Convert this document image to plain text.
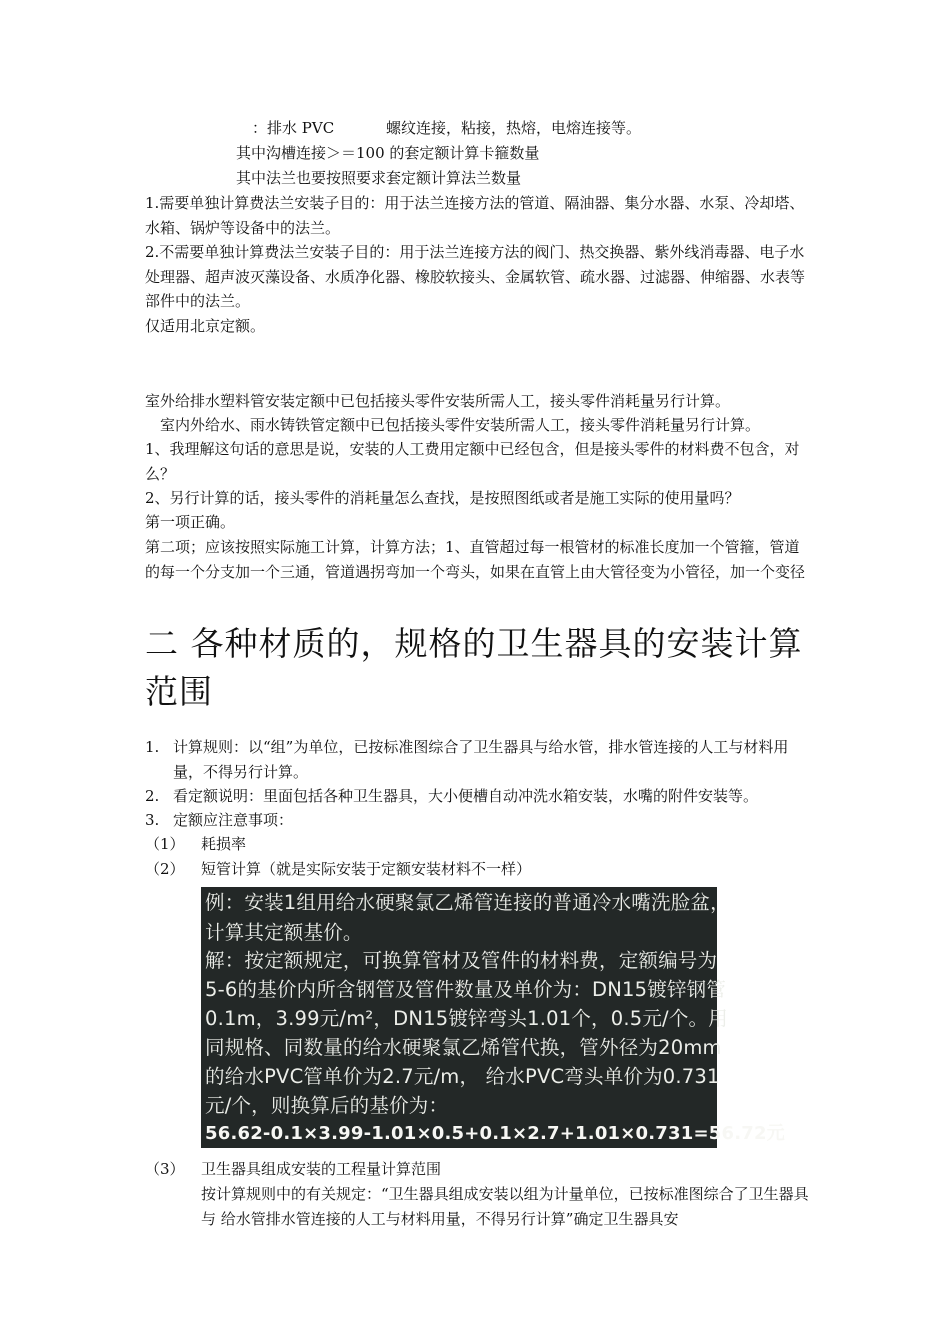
：排水 PVC	螺纹连接，粘接，热熔，电熔连接等。
其中沟槽连接＞＝100 的套定额计算卡箍数量
其中法兰也要按照要求套定额计算法兰数量
1.需要单独计算费法兰安装子目的：用于法兰连接方法的管道、隔油器、集分水器、水泵、冷却塔、水箱、锅炉等设备中的法兰。
2.不需要单独计算费法兰安装子目的：用于法兰连接方法的阀门、热交换器、紫外线消毒器、电子水处理器、超声波灭藻设备、水质净化器、橡胶软接头、金属软管、疏水器、过滤器、伸缩器、水表等部件中的法兰。
仅适用北京定额。
室外给排水塑料管安装定额中已包括接头零件安装所需人工，接头零件消耗量另行计算。
室内外给水、雨水铸铁管定额中已包括接头零件安装所需人工，接头零件消耗量另行计算。
1、我理解这句话的意思是说，安装的人工费用定额中已经包含，但是接头零件的材料费不包含，对么？
2、另行计算的话，接头零件的消耗量怎么查找，是按照图纸或者是施工实际的使用量吗？
第一项正确。
第二项；应该按照实际施工计算，计算方法；1、直管超过每一根管材的标准长度加一个管箍，管道的每一个分支加一个三通，管道遇拐弯加一个弯头，如果在直管上由大管径变为小管径，加一个变径
二 各种材质的，规格的卫生器具的安装计算范围
1. 计算规则：以“组”为单位，已按标准图综合了卫生器具与给水管，排水管连接的人工与材料用量，不得另行计算。
2. 看定额说明：里面包括各种卫生器具，大小便槽自动冲洗水箱安装，水嘴的附件安装等。
3. 定额应注意事项：
（1） 耗损率
（2） 短管计算（就是实际安装于定额安装材料不一样）
例：安装1组用给水硬聚氯乙烯管连接的普通冷水嘴洗脸盆，
计算其定额基价。
解：按定额规定，可换算管材及管件的材料费，定额编号为
5-6的基价内所含钢管及管件数量及单价为：DN15镀锌钢管
0.1m，3.99元/m²，DN15镀锌弯头1.01个，0.5元/个。用
同规格、同数量的给水硬聚氯乙烯管代换，管外径为20mm
的给水PVC管单价为2.7元/m， 给水PVC弯头单价为0.731
元/个，则换算后的基价为：
56.62-0.1×3.99-1.01×0.5+0.1×2.7+1.01×0.731=56.72元
（3） 卫生器具组成安装的工程量计算范围
按计算规则中的有关规定：“卫生器具组成安装以组为计量单位，已按标准图综合了卫生器具与 给水管排水管连接的人工与材料用量，不得另行计算”确定卫生器具安
